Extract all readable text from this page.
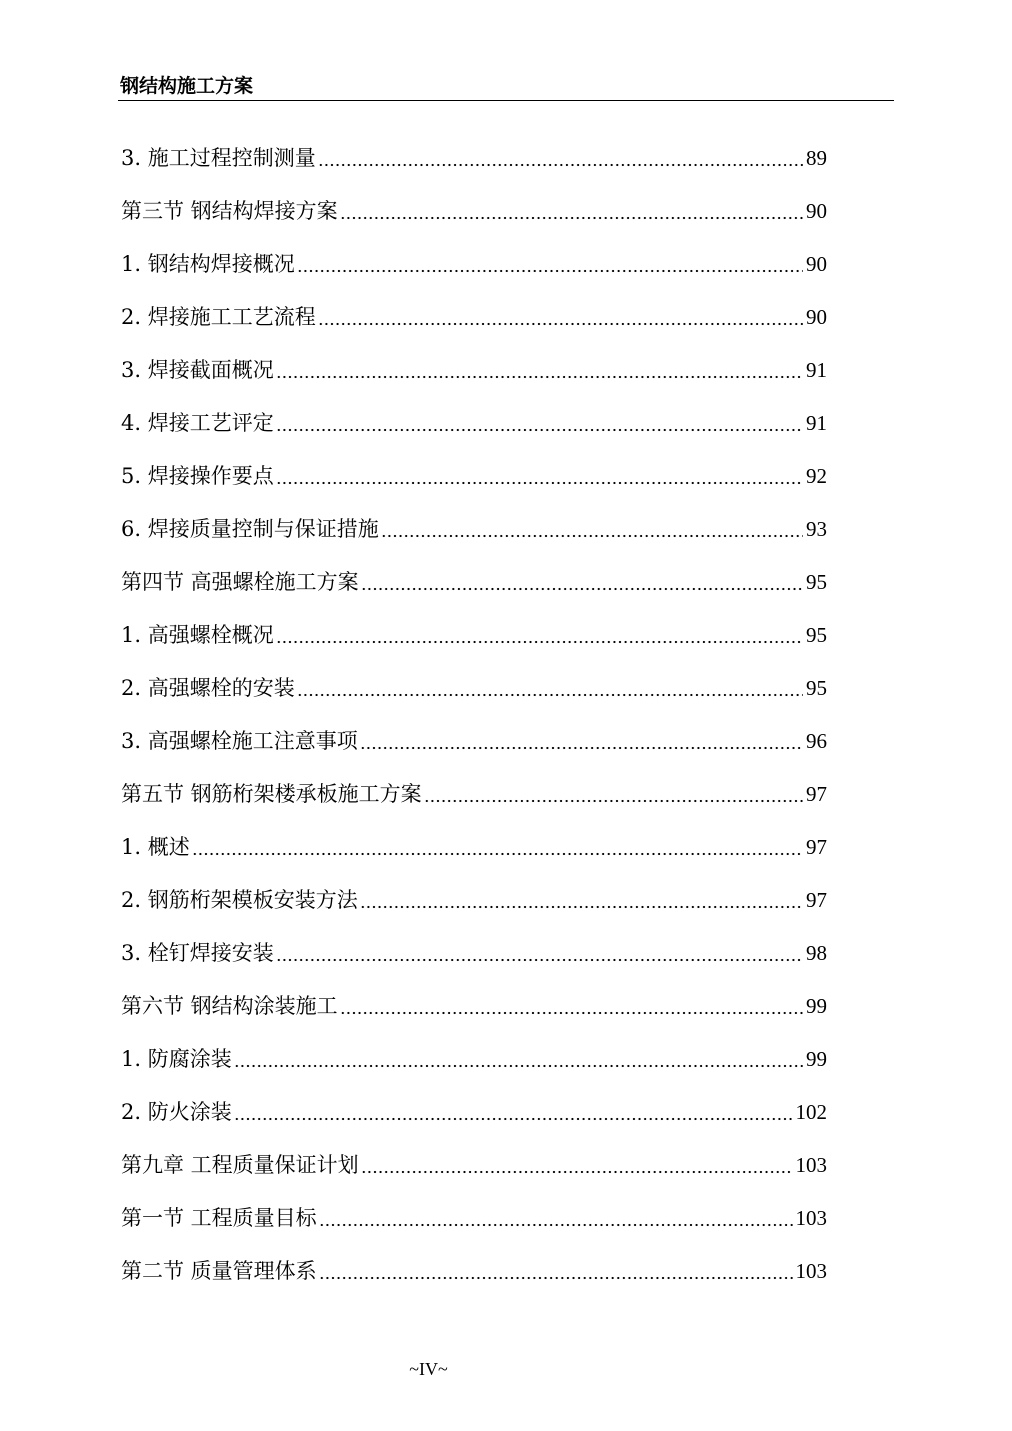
钢结构施工方案
3. 施工过程控制测量	89
第三节 钢结构焊接方案	90
1. 钢结构焊接概况	90
2. 焊接施工工艺流程	90
3. 焊接截面概况	91
4. 焊接工艺评定	91
5. 焊接操作要点	92
6. 焊接质量控制与保证措施	93
第四节 高强螺栓施工方案	95
1. 高强螺栓概况	95
2. 高强螺栓的安装	95
3. 高强螺栓施工注意事项	96
第五节 钢筋桁架楼承板施工方案	97
1. 概述	97
2. 钢筋桁架模板安装方法	97
3. 栓钉焊接安装	98
第六节 钢结构涂装施工	99
1. 防腐涂装	99
2. 防火涂装	102
第九章 工程质量保证计划	103
第一节 工程质量目标	103
第二节 质量管理体系	103
~IV~
